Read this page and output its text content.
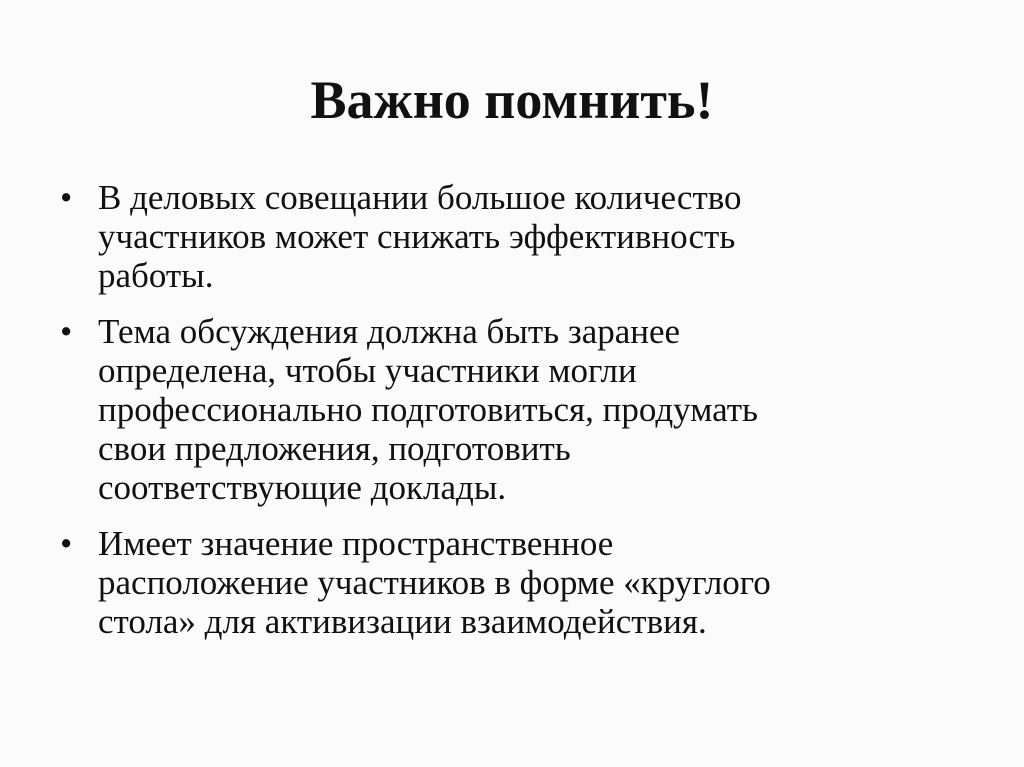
Важно помнить!
• В деловых совещании большое количество
участников может снижать эффективность
работы.
• Тема обсуждения должна быть заранее
определена, чтобы участники могли
профессионально подготовиться, продумать
свои предложения, подготовить
соответствующие доклады.
• Имеет значение пространственное
расположение участников в форме «круглого
стола» для активизации взаимодействия.
